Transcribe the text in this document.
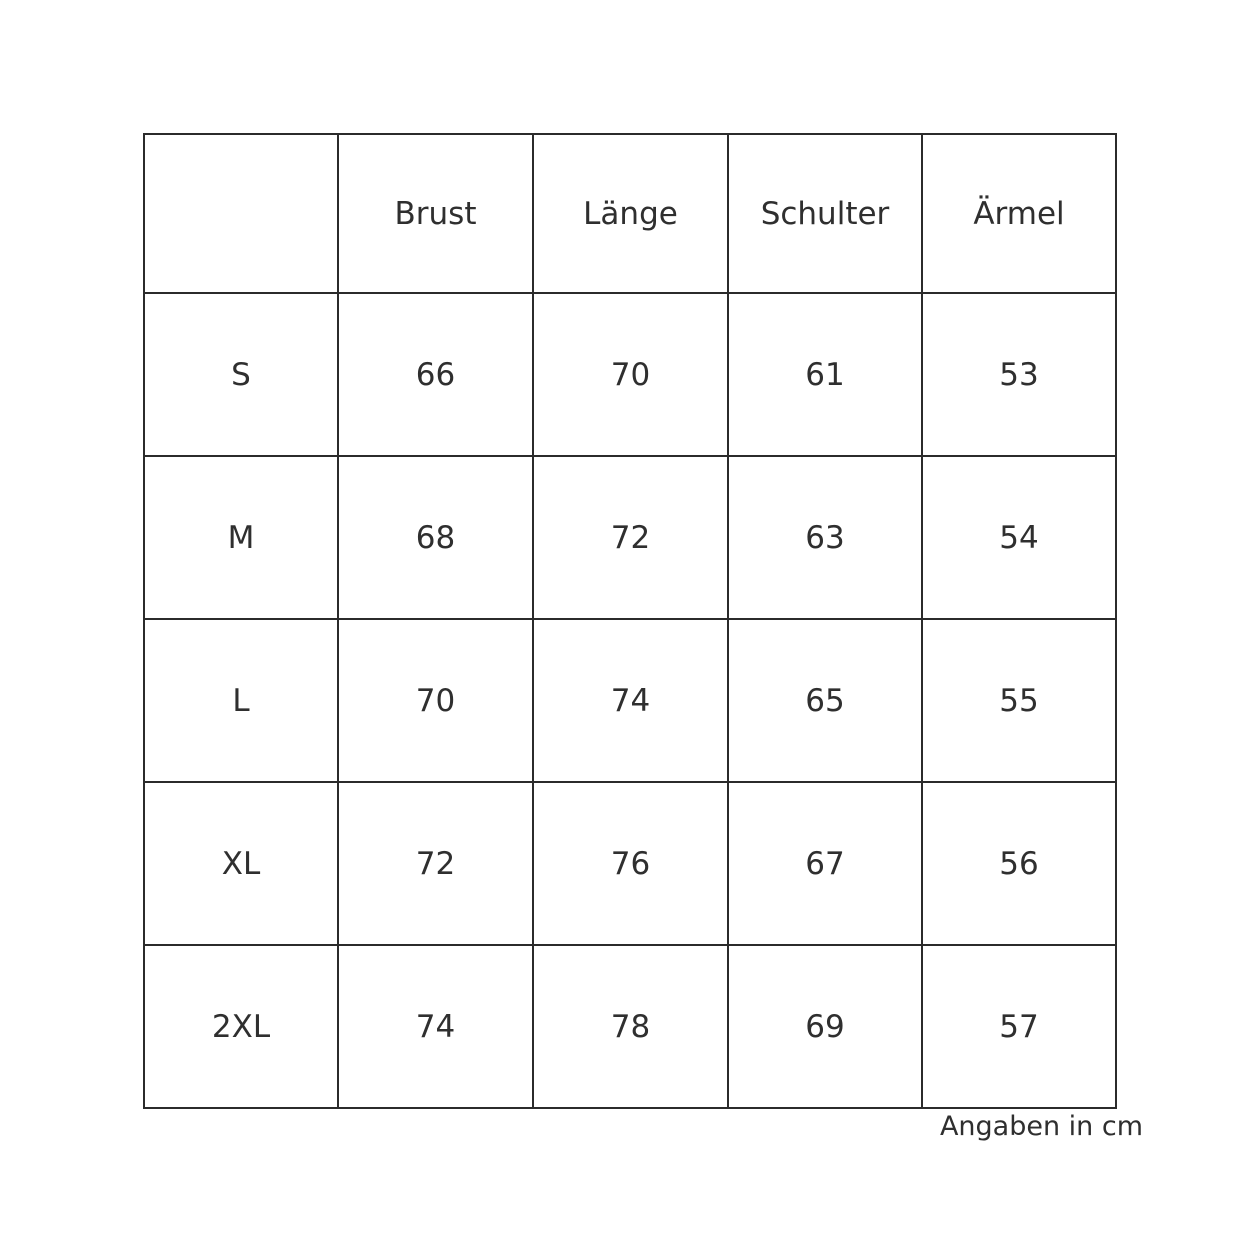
	Brust	Länge	Schulter	Ärmel
S	66	70	61	53
M	68	72	63	54
L	70	74	65	55
XL	72	76	67	56
2XL	74	78	69	57
Angaben in cm
